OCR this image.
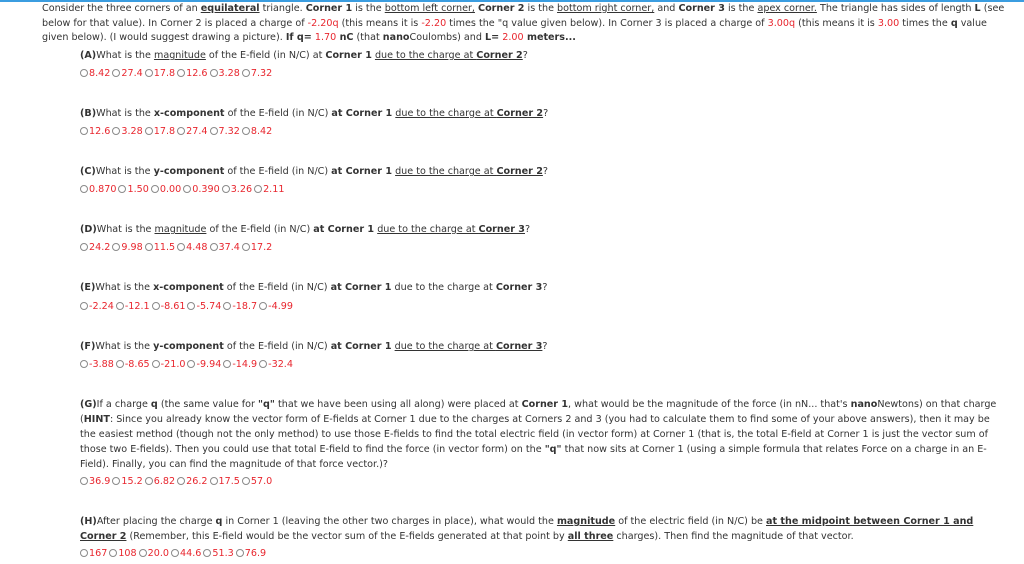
Consider the three corners of an equilateral triangle. Corner 1 is the bottom left corner, Corner 2 is the bottom right corner, and Corner 3 is the apex corner. The triangle has sides of length L (see below for that value). In Corner 2 is placed a charge of -2.20q (this means it is -2.20 times the "q value given below). In Corner 3 is placed a charge of 3.00q (this means it is 3.00 times the q value given below). (I would suggest drawing a picture). If q= 1.70 nC (that nanoCoulombs) and L= 2.00 meters...
(A)What is the magnitude of the E-field (in N/C) at Corner 1 due to the charge at Corner 2?
8.42 27.4 17.8 12.6 3.28 7.32
(B)What is the x-component of the E-field (in N/C) at Corner 1 due to the charge at Corner 2?
12.6 3.28 17.8 27.4 7.32 8.42
(C)What is the y-component of the E-field (in N/C) at Corner 1 due to the charge at Corner 2?
0.870 1.50 0.00 0.390 3.26 2.11
(D)What is the magnitude of the E-field (in N/C) at Corner 1 due to the charge at Corner 3?
24.2 9.98 11.5 4.48 37.4 17.2
(E)What is the x-component of the E-field (in N/C) at Corner 1 due to the charge at Corner 3?
-2.24 -12.1 -8.61 -5.74 -18.7 -4.99
(F)What is the y-component of the E-field (in N/C) at Corner 1 due to the charge at Corner 3?
-3.88 -8.65 -21.0 -9.94 -14.9 -32.4
(G)If a charge q (the same value for "q" that we have been using all along) were placed at Corner 1, what would be the magnitude of the force (in nN... that's nanoNewtons) on that charge (HINT: Since you already know the vector form of E-fields at Corner 1 due to the charges at Corners 2 and 3 (you had to calculate them to find some of your above answers), then it may be the easiest method (though not the only method) to use those E-fields to find the total electric field (in vector form) at Corner 1 (that is, the total E-field at Corner 1 is just the vector sum of those two E-fields). Then you could use that total E-field to find the force (in vector form) on the "q" that now sits at Corner 1 (using a simple formula that relates Force on a charge in an E-Field). Finally, you can find the magnitude of that force vector.)?
36.9 15.2 6.82 26.2 17.5 57.0
(H)After placing the charge q in Corner 1 (leaving the other two charges in place), what would the magnitude of the electric field (in N/C) be at the midpoint between Corner 1 and Corner 2 (Remember, this E-field would be the vector sum of the E-fields generated at that point by all three charges). Then find the magnitude of that vector.
167 108 20.0 44.6 51.3 76.9
